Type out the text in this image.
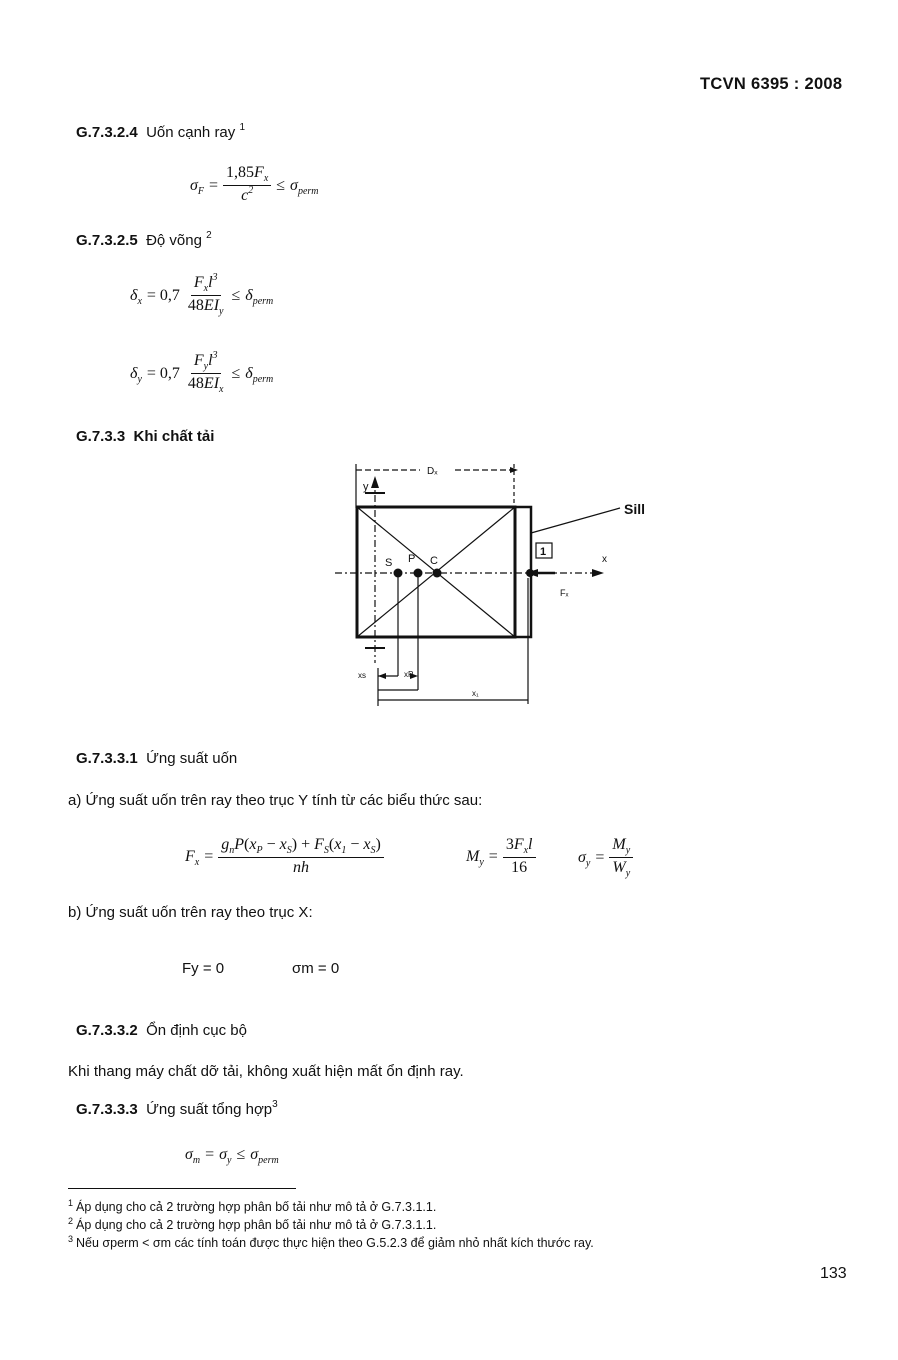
TCVN 6395 : 2008
G.7.3.2.4 Uốn cạnh ray $^1$
$\sigma_F = \frac{1,85F_x}{c^2} \le \sigma_{perm}$
G.7.3.2.5 Độ võng $^2$
$\delta_x = 0,7 \frac{F_xl^3}{48EI_y} \le \delta_{perm}$
$\delta_y = 0,7 \frac{F_yl^3}{48EI_x} \le \delta_{perm}$
G.7.3.3 Khi chất tải
Dₓ
y
x
S P C
1
Fₓ
Sill
xs	xP
x₁
G.7.3.3.1 Ứng suất uốn
a) Ứng suất uốn trên ray theo trục Y tính từ các biểu thức sau:
$F_x = \frac{g_nP(x_P - x_S) + F_S(x_1 - x_S)}{nh}$	$M_y = \frac{3F_xl}{16}$	$\sigma_y = \frac{M_y}{W_y}$
b) Ứng suất uốn trên ray theo trục X:
Fy = 0	σm = 0
G.7.3.3.2 Ổn định cục bộ
Khi thang máy chất dỡ tải, không xuất hiện mất ổn định ray.
G.7.3.3.3 Ứng suất tổng hợp$^3$
$\sigma_m = \sigma_y \le \sigma_{perm}$
$^1$ Áp dụng cho cả 2 trường hợp phân bố tải như mô tả ở G.7.3.1.1.
$^2$ Áp dụng cho cả 2 trường hợp phân bố tải như mô tả ở G.7.3.1.1.
$^3$ Nếu σperm < σm các tính toán được thực hiện theo G.5.2.3 để giảm nhỏ nhất kích thước ray.
133
